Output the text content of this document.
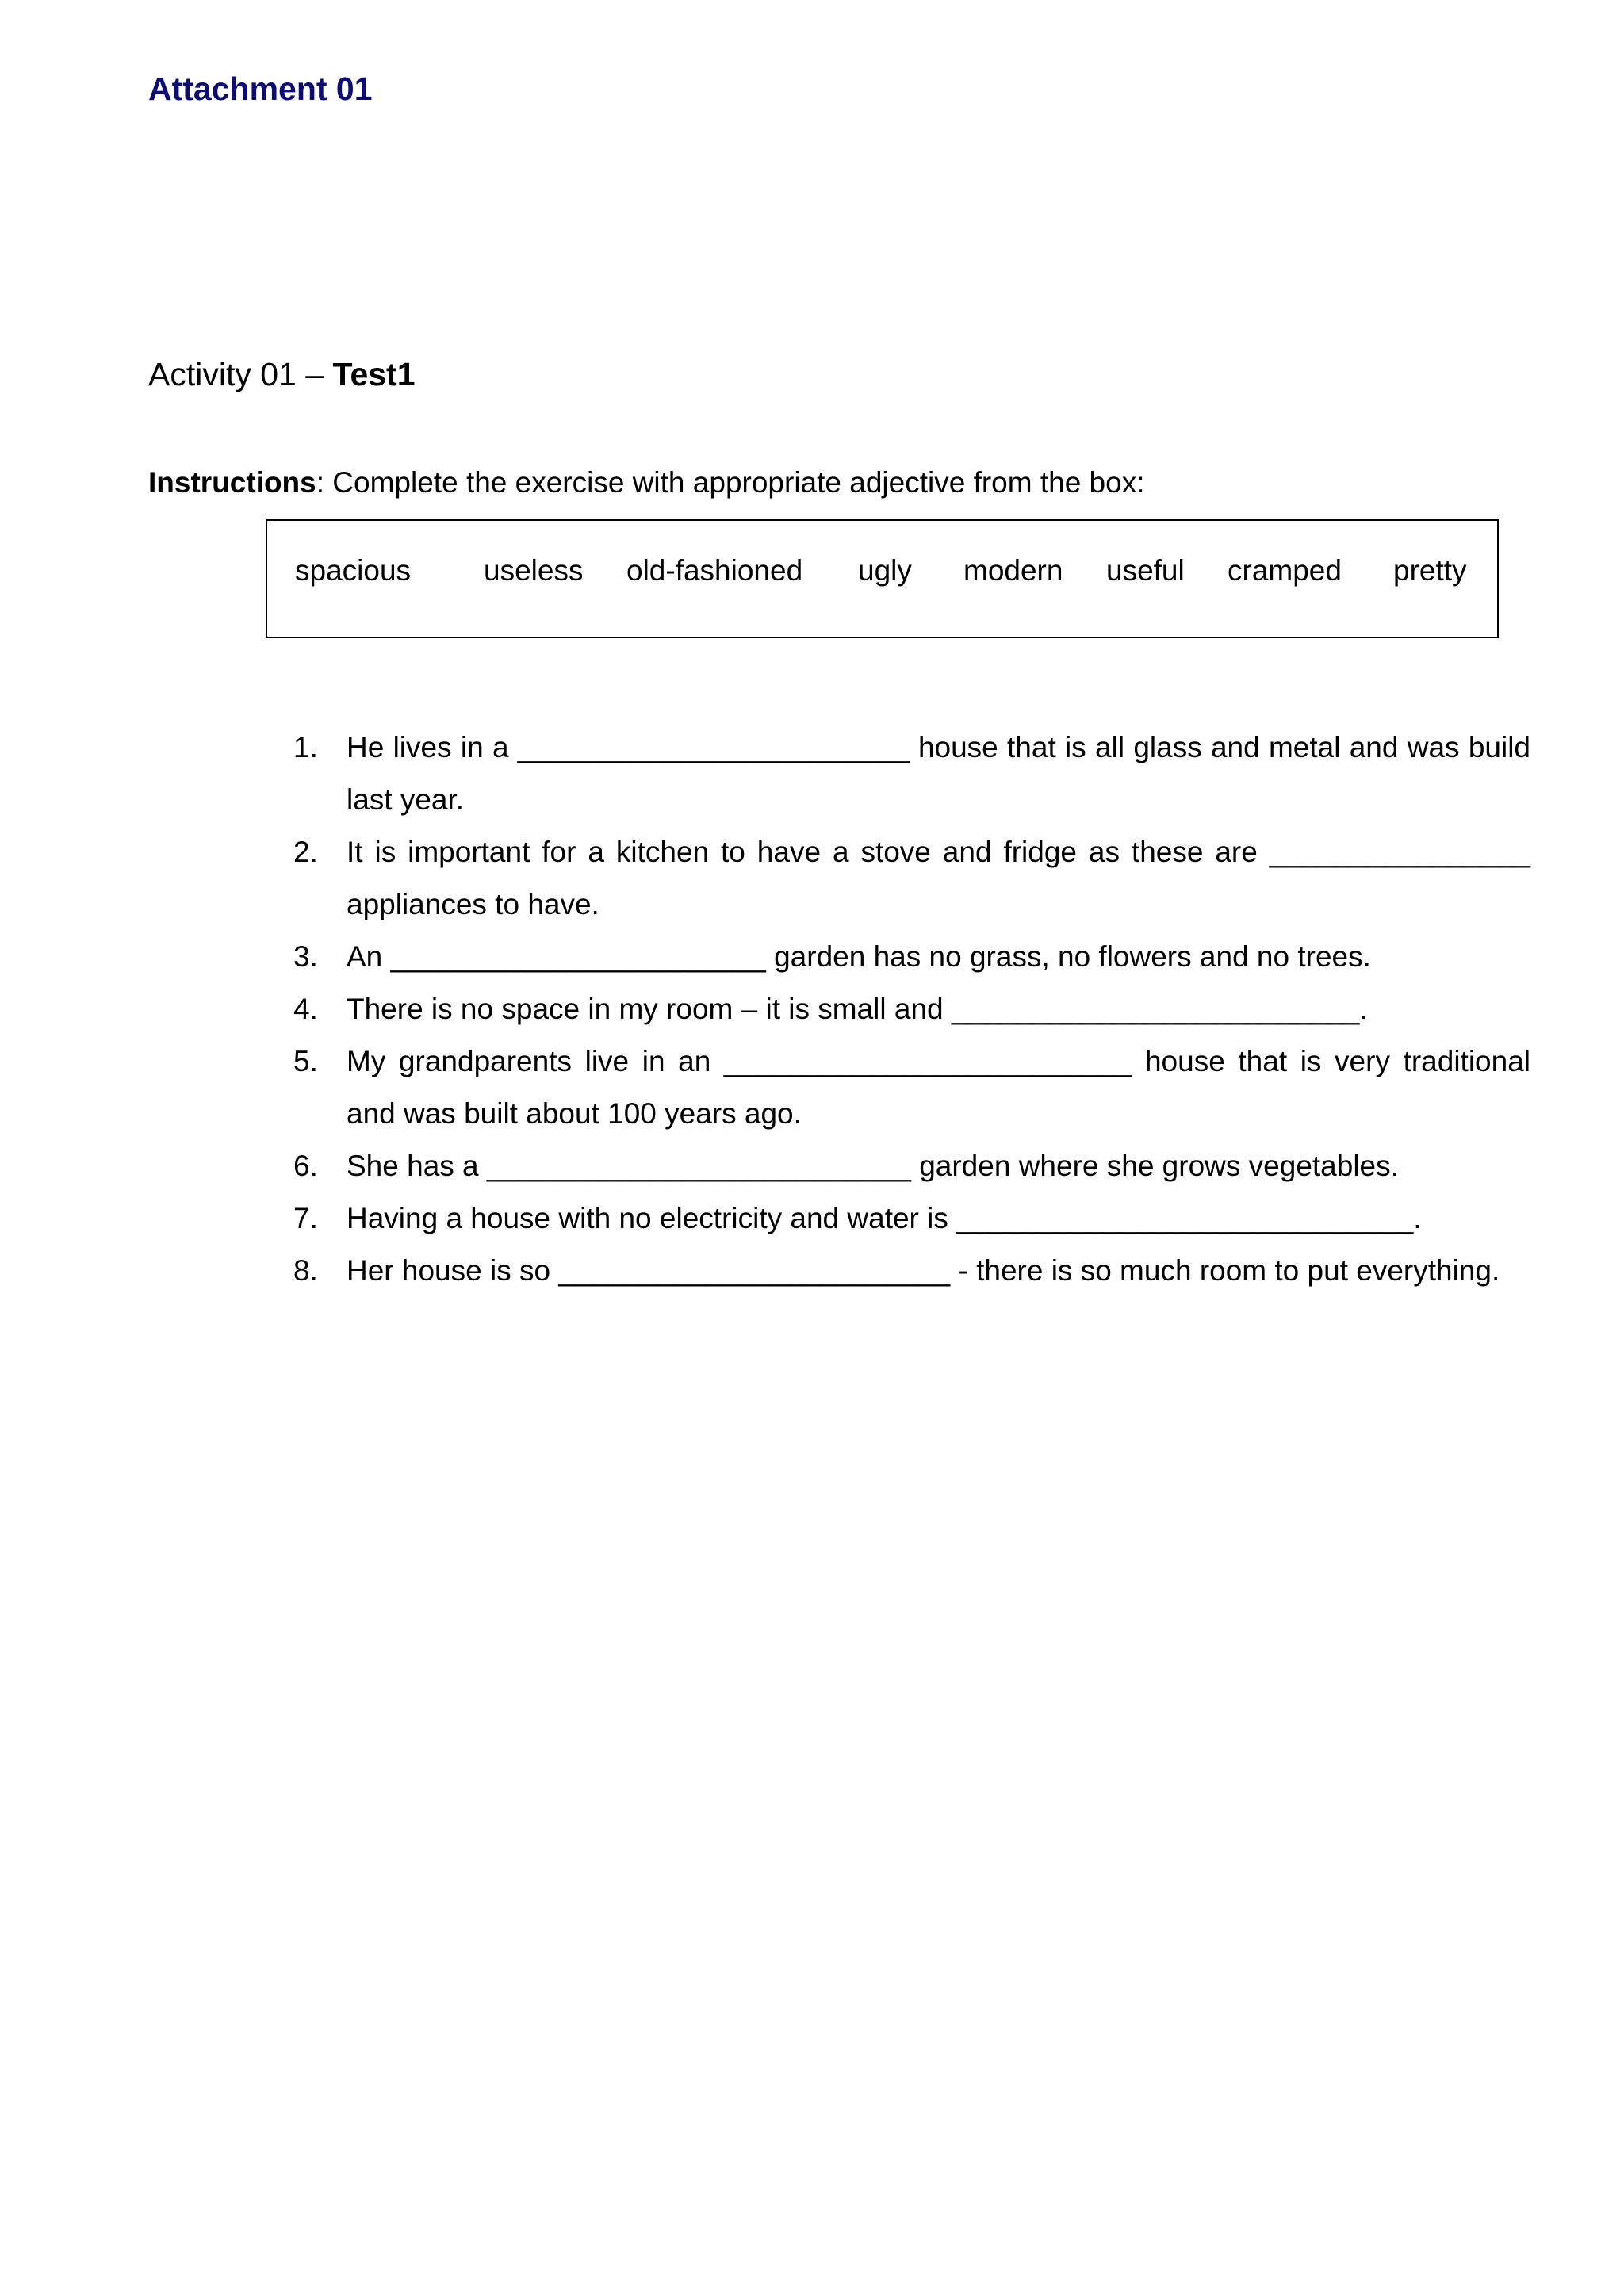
Attachment 01

Activity 01 – Test1

Instructions: Complete the exercise with appropriate adjective from the box:
spacious useless old-fashioned ugly modern useful cramped pretty
1. He lives in a ________________________ house that is all glass and metal and was build last year.
2. It is important for a kitchen to have a stove and fridge as these are ________________ appliances to have.
3. An _______________________ garden has no grass, no flowers and no trees.
4. There is no space in my room – it is small and _________________________.
5. My grandparents live in an _________________________ house that is very traditional and was built about 100 years ago.
6. She has a __________________________ garden where she grows vegetables.
7. Having a house with no electricity and water is ____________________________.
8. Her house is so ________________________ - there is so much room to put everything.
